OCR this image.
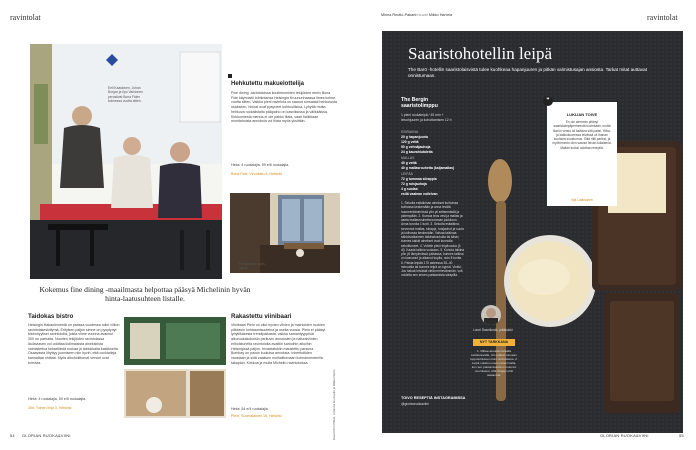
ravintolat
Eeli Kaaskinen, Johan Borgar ja Ilpo Vainionen perustivat Bona Fiden kolmessa vuotta sitten.
Hehkutettu makuelottelija
Fine dining -ravintoloissa koulintuneiden tekijöiden remix Bona Fide käynnistii toimintansa Helsingin Kruununhaassa ilmes kolme vuotta sitten. Vaikka pieni ravintola on saanut runsaasti hehkutusta osakseen, hinnat ovat pysyneet kohtuullisina. Lyhyttä mutta hehkuva ruokalistalta pääpaino on kasviksissa ja välikkäissa. Kirkkomiesta menua ei ole pakko tilata, vaan kaikkiaan monitahoista annoksia voi tilata myös yksittäin.
Hinta: 4 ruokalajia, 59 e/6 ruokalajia.
Bona Fide, Vironkatu 8, Helsinki
Pienissä on myös rasua.
Kokemus fine dining -maailmasta helpottaa pääsyä Michelinin hyvän hinta-laatusuhteen listalle.
Taidokas bistro
Helsingin Hakaniemestä on parissa vuodessa tullut viikon ravintolakeskittymä. Erityisen paljon simne on pysytynyt bistrohyyliset ravintololla, joista viime vuonna avannut 300 on parhaita. Nuorten tekijöiden ravintolassa laulaviasen voi odottaa kollmaisista ainekskista valmistettua kekseliästä ruokaa ja taidokkaita kastikkeita. Osaavasta lihyttyy juomiseen niin hyvin, että cocktaileja kannattaa ohittaa. Myös alkoholittomat versiot ovat toimivia.
Hinta: 4 ruokalajia, 59 e/5 ruokalajia.
300, Toinen linja 3, Helsinki
Rakastettu viinibaari
Viinibaari Plein on ollut hyvien viinien ja mainioiden ruokien piilotavin kohtaamisuuteina ja useita vuosia. Plein ei pääsyt lyhytlikäsesta trendipaikasta, vaikka samantyyppisiä alkuruokakokoisin perituvin annoksien ja naturalviinien erikoistuneita ravintoloita avattiin samoihin aikoihin Helsingissä paljon. Irroastatukiin maustettu parsuna Bombay on paloin kuuluisa annoksia. Inkerttoitiden vaustaan ja siitä vaalisen muihaittomaan kolmannenteella takapäin. Kirkkoa ja muita Michelin-ravintoloissa.
Hinta: 54 e/4 ruokalajia.
Plein, Suomalainen 16, Helsinki	Kuvat Pirin Pillioti, Johanna Eronvetts ja Mikko Nerrio
54 GLORIAN RUOKA&VIINI
Minna Reutio-Pakarin kuvat Mikko Harrela	ravintolat
Saaristohotellin leipä
The Barö -hotellin saaristolaisvistä tulee kuohkeaa hapanjuuren ja pitkän valmistusajan ansiosta. Tarkat mitat auttavat onnistumaan.
The Bergin saaristolimppu
1 pieni ruokaleipä / 45 min + leivohjuuren ja kohottamisen 12 h
ESIRAKNA
20 g hapanjuuria
120 g vettä
90 g vehnäjauhoja
24 g kaurahiutaleita
MALLAS
40 g vettä
40 g mallasrouhetta (kaljamallas)
LEIPÄÄ
72 g tummaa siirappia
72 g ruisjauhoja
4 g suolaa
esitä vaalean voileivan
1. Sekoita esitaikinan ainekset kuihoissa kulhossa keskenään ja anna levätä huoneenlämmössä yön yli seitsemästä ja pidempään. 2. Kumoa teos vesi ja mallas ja aseta mallasrouhetta tumman joukkoon. Anna turvota 1 tunti. 3. Sekoita esitaikina, turvonnut mallas, siirappi, ruisjauhot ja suola ja kulhossa keskenään. Valvaa taikinaa sähkövatkaimen taikinakoukulla tai käsin, kunnes kaikki ainekset ovat kunnolla sekoittuneet. 4. Voitele pieni leipävuoka (4 dl). Kaada taikina vuokaan. 5. Kohota taikina yön yli lämpimässä paikassa, kunnes taikina on kasvanut ja alkanut kuplia, noin 8 tuntia. 6. Paista leipää 175 asteessa 35–40 minuuttia tai kunnes leipä on kypsä. Vinkki: Jos haluat leivästä vielä mehevämmän, voit voidella sen ennen paistamista siirapilla.
TOIVO RESEPTIÄ INSTAGRAMISSA
@glorianruokaviini
❞
LUKIJAN TOIVE
En ole aiemmin pitänyt saaristoleipäperheestä kovinkaan, mutta Barön versio oli kaikkea sitä paitsi. Hiiva- ja kakkukuoressa leivässä oli ihanan kuohkea koostumus. Siitä riitti pariksi, ja myöhemmin olen saanut leivän tuliaisena. Mallan tuoksi odottaa reseptiä.
Iida Laaksonen
Lauri Saarikoski, pääkokki
NYT TARKKANA
1. Mittaa ainekset tarkalla keittiövaa'alla, niin pääset samaan lopputulokseen kuin ravintolassa. 2. Leipä maistuu usein paremmalta, kun sen paistamisesta on kulunut vuorokausi, sillä siirappi ehtii tasaantua.
GLORIAN RUOKA&VIINI	55
